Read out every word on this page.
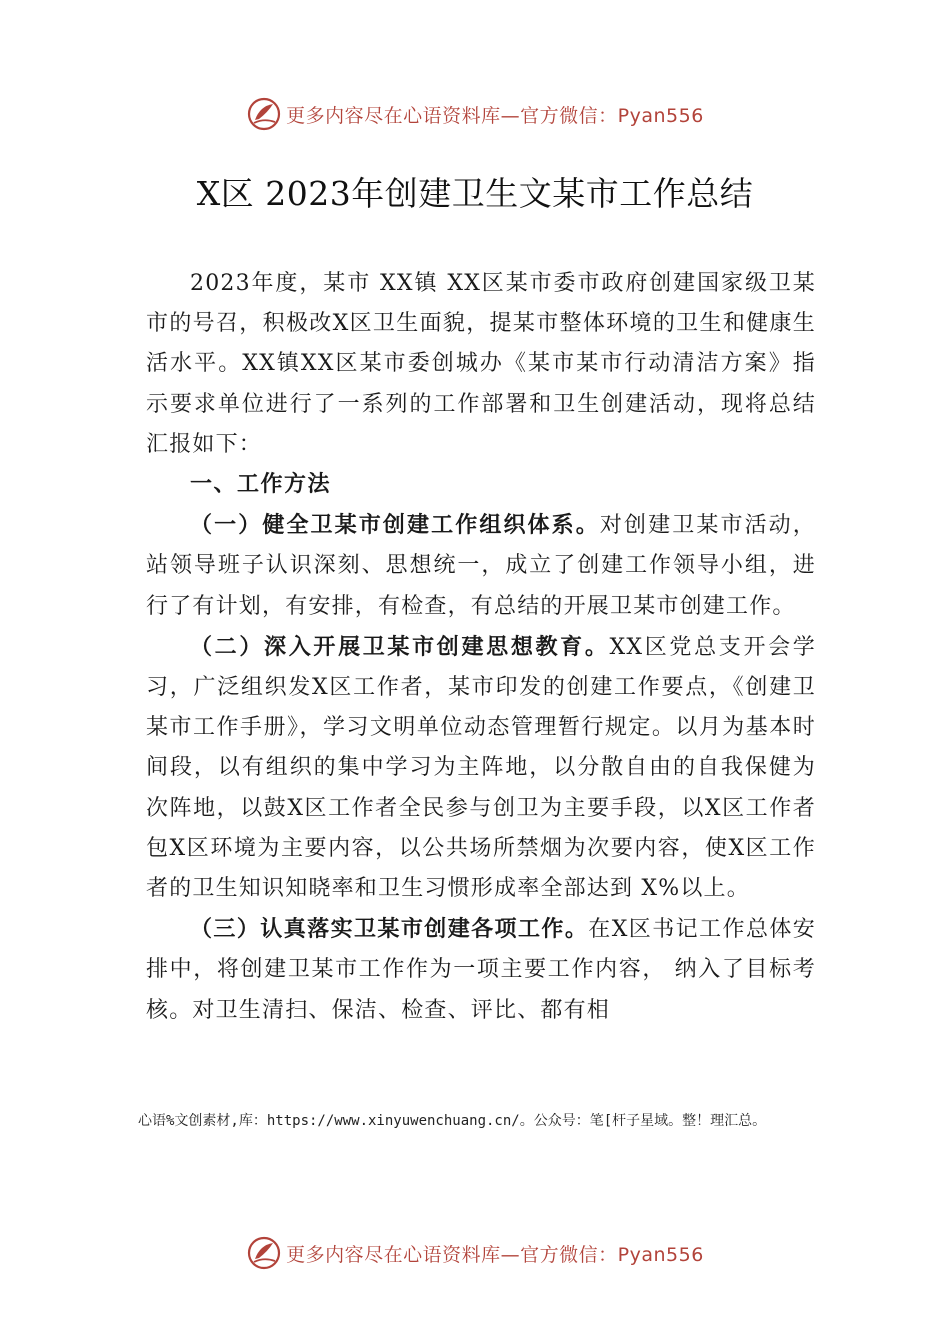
更多内容尽在心语资料库—官方微信：Pyan556
X区 2023年创建卫生文某市工作总结

2023年度，某市 XX镇 XX区某市委市政府创建国家级卫某市的号召，积极改X区卫生面貌，提某市整体环境的卫生和健康生活水平。XX镇XX区某市委创城办《某市某市行动清洁方案》指示要求单位进行了一系列的工作部署和卫生创建活动，现将总结汇报如下：

一、工作方法

（一）健全卫某市创建工作组织体系。对创建卫某市活动，站领导班子认识深刻、思想统一，成立了创建工作领导小组，进行了有计划，有安排，有检查，有总结的开展卫某市创建工作。

（二）深入开展卫某市创建思想教育。XX区党总支开会学习，广泛组织发X区工作者，某市印发的创建工作要点，《创建卫某市工作手册》，学习文明单位动态管理暂行规定。以月为基本时间段，以有组织的集中学习为主阵地，以分散自由的自我保健为次阵地，以鼓X区工作者全民参与创卫为主要手段，以X区工作者包X区环境为主要内容，以公共场所禁烟为次要内容，使X区工作者的卫生知识知晓率和卫生习惯形成率全部达到 X%以上。

（三）认真落实卫某市创建各项工作。在X区书记工作总体安排中，将创建卫某市工作作为一项主要工作内容， 纳入了目标考核。对卫生清扫、保洁、检查、评比、都有相

心语%文创素材,库：https://www.xinyuwenchuang.cn/。公众号：笔[杆子星域。整！理汇总。
更多内容尽在心语资料库—官方微信：Pyan556
